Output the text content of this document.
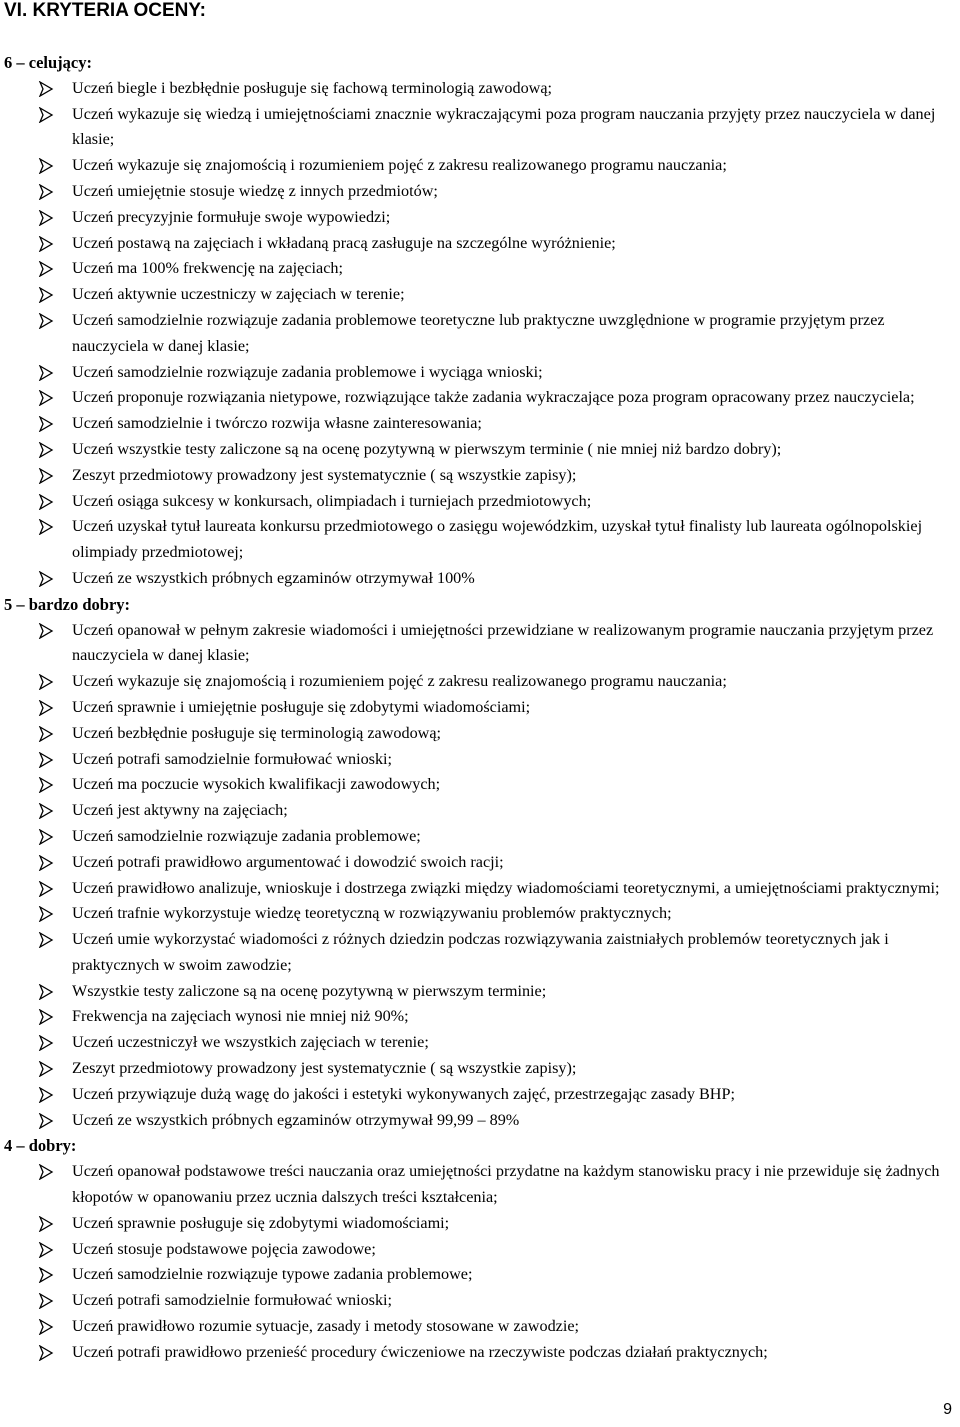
VI. KRYTERIA OCENY:
6 – celujący:
Uczeń biegle i bezbłędnie posługuje się fachową terminologią zawodową;
Uczeń wykazuje się wiedzą i umiejętnościami znacznie wykraczającymi poza program nauczania przyjęty przez nauczyciela w danej klasie;
Uczeń wykazuje się znajomością i rozumieniem pojęć z zakresu realizowanego programu nauczania;
Uczeń umiejętnie stosuje wiedzę z innych przedmiotów;
Uczeń precyzyjnie formułuje swoje wypowiedzi;
Uczeń postawą na zajęciach i wkładaną pracą zasługuje na szczególne wyróżnienie;
Uczeń ma 100% frekwencję na zajęciach;
Uczeń aktywnie uczestniczy w zajęciach w terenie;
Uczeń samodzielnie rozwiązuje zadania problemowe teoretyczne lub praktyczne uwzględnione w programie przyjętym przez nauczyciela w danej klasie;
Uczeń samodzielnie rozwiązuje zadania problemowe i wyciąga wnioski;
Uczeń proponuje rozwiązania nietypowe, rozwiązujące także zadania wykraczające poza program opracowany przez nauczyciela;
Uczeń samodzielnie i twórczo rozwija własne zainteresowania;
Uczeń wszystkie testy zaliczone są na ocenę pozytywną w pierwszym terminie ( nie mniej niż bardzo dobry);
Zeszyt przedmiotowy prowadzony jest systematycznie ( są wszystkie zapisy);
Uczeń osiąga sukcesy w konkursach, olimpiadach i turniejach przedmiotowych;
Uczeń uzyskał tytuł laureata konkursu przedmiotowego o zasięgu wojewódzkim, uzyskał tytuł finalisty lub laureata ogólnopolskiej olimpiady przedmiotowej;
Uczeń ze wszystkich próbnych egzaminów otrzymywał 100%
5 – bardzo dobry:
Uczeń opanował w pełnym zakresie wiadomości i umiejętności przewidziane w realizowanym programie nauczania przyjętym przez nauczyciela w danej klasie;
Uczeń wykazuje się znajomością i rozumieniem pojęć z zakresu realizowanego programu nauczania;
Uczeń sprawnie i umiejętnie posługuje się zdobytymi wiadomościami;
Uczeń bezbłędnie posługuje się terminologią zawodową;
Uczeń potrafi samodzielnie formułować wnioski;
Uczeń ma poczucie wysokich kwalifikacji zawodowych;
Uczeń jest aktywny na zajęciach;
Uczeń samodzielnie rozwiązuje zadania problemowe;
Uczeń potrafi prawidłowo argumentować i dowodzić swoich racji;
Uczeń prawidłowo analizuje, wnioskuje i dostrzega związki między wiadomościami teoretycznymi, a umiejętnościami praktycznymi;
Uczeń trafnie wykorzystuje wiedzę teoretyczną w rozwiązywaniu problemów praktycznych;
Uczeń umie wykorzystać wiadomości z różnych dziedzin podczas rozwiązywania zaistniałych problemów teoretycznych jak i praktycznych w swoim zawodzie;
Wszystkie testy zaliczone są na ocenę pozytywną w pierwszym terminie;
Frekwencja na zajęciach wynosi nie mniej niż 90%;
Uczeń uczestniczył we wszystkich zajęciach w terenie;
Zeszyt przedmiotowy prowadzony jest systematycznie ( są wszystkie zapisy);
Uczeń przywiązuje dużą wagę do jakości i estetyki wykonywanych zajęć, przestrzegając zasady BHP;
Uczeń ze wszystkich próbnych egzaminów otrzymywał 99,99 – 89%
4 – dobry:
Uczeń opanował podstawowe treści nauczania oraz umiejętności przydatne na każdym stanowisku pracy i nie przewiduje się żadnych kłopotów w opanowaniu przez ucznia dalszych treści kształcenia;
Uczeń sprawnie posługuje się zdobytymi wiadomościami;
Uczeń stosuje podstawowe pojęcia zawodowe;
Uczeń samodzielnie rozwiązuje typowe zadania problemowe;
Uczeń potrafi samodzielnie formułować wnioski;
Uczeń prawidłowo rozumie sytuacje, zasady i metody stosowane w zawodzie;
Uczeń potrafi prawidłowo przenieść procedury ćwiczeniowe na rzeczywiste podczas działań praktycznych;
9
